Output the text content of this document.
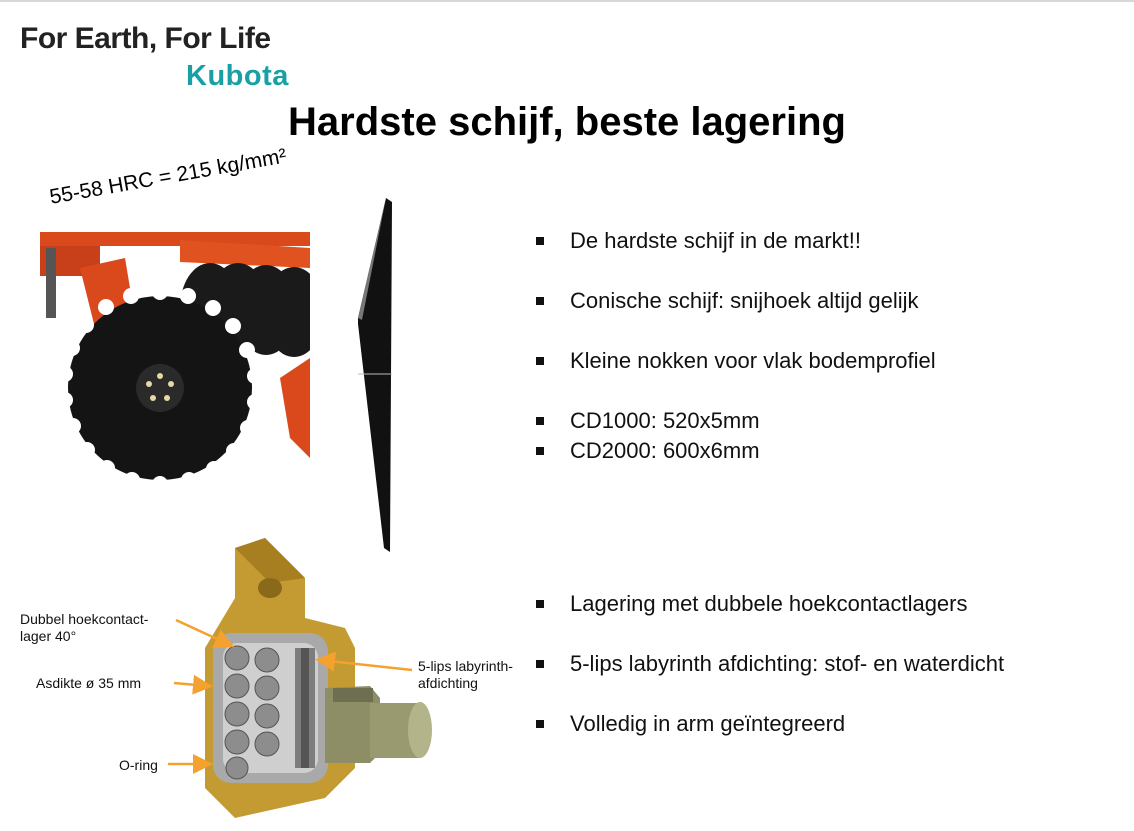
For Earth, For Life
Kubota
Hardste schijf, beste lagering
55-58 HRC = 215 kg/mm²
Dubbel hoekcontact-lager 40°
Asdikte ø 35 mm
O-ring
5-lips labyrinth-afdichting
De hardste schijf in de markt!!
Conische schijf: snijhoek altijd gelijk
Kleine nokken voor vlak bodemprofiel
CD1000: 520x5mm
CD2000: 600x6mm
Lagering met dubbele hoekcontactlagers
5-lips labyrinth afdichting: stof- en waterdicht
Volledig in arm geïntegreerd
